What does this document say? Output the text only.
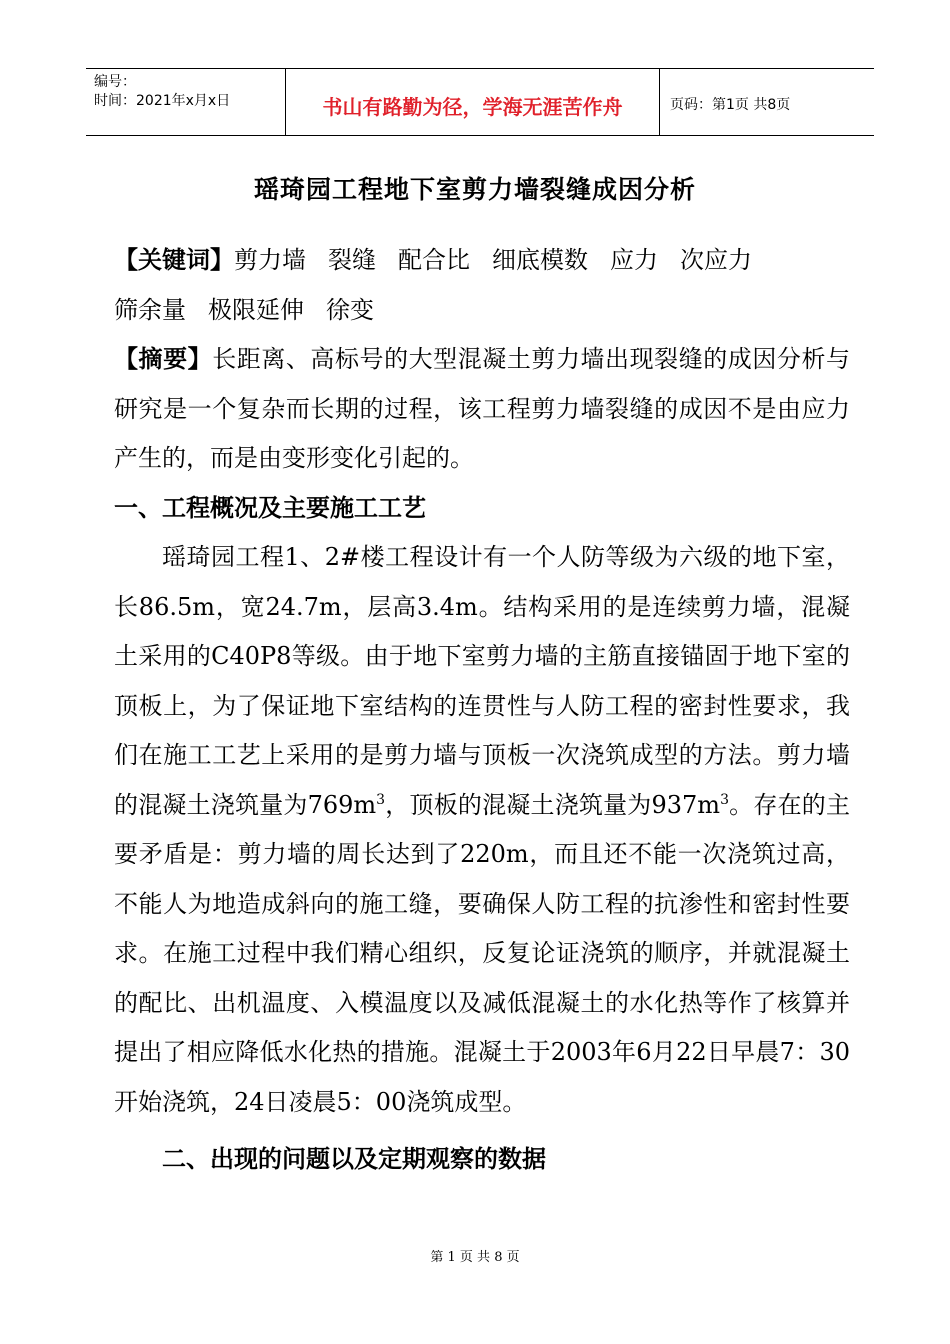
编号：
时间：2021年x月x日	书山有路勤为径，学海无涯苦作舟	页码：第1页 共8页
瑶琦园工程地下室剪力墙裂缝成因分析

【关键词】剪力墙 裂缝 配合比 细底模数 应力 次应力
筛余量 极限延伸 徐变

【摘要】长距离、高标号的大型混凝土剪力墙出现裂缝的成因分析与研究是一个复杂而长期的过程，该工程剪力墙裂缝的成因不是由应力产生的，而是由变形变化引起的。

一、工程概况及主要施工工艺

瑶琦园工程1、2#楼工程设计有一个人防等级为六级的地下室，长86.5m，宽24.7m，层高3.4m。结构采用的是连续剪力墙，混凝土采用的C40P8等级。由于地下室剪力墙的主筋直接锚固于地下室的顶板上，为了保证地下室结构的连贯性与人防工程的密封性要求，我们在施工工艺上采用的是剪力墙与顶板一次浇筑成型的方法。剪力墙的混凝土浇筑量为$769m^3$，顶板的混凝土浇筑量为$937m^3$。存在的主要矛盾是：剪力墙的周长达到了220m，而且还不能一次浇筑过高，不能人为地造成斜向的施工缝，要确保人防工程的抗渗性和密封性要求。在施工过程中我们精心组织，反复论证浇筑的顺序，并就混凝土的配比、出机温度、入模温度以及减低混凝土的水化热等作了核算并提出了相应降低水化热的措施。混凝土于2003年6月22日早晨7：30开始浇筑，24日凌晨5：00浇筑成型。

二、出现的问题以及定期观察的数据

第 1 页 共 8 页
